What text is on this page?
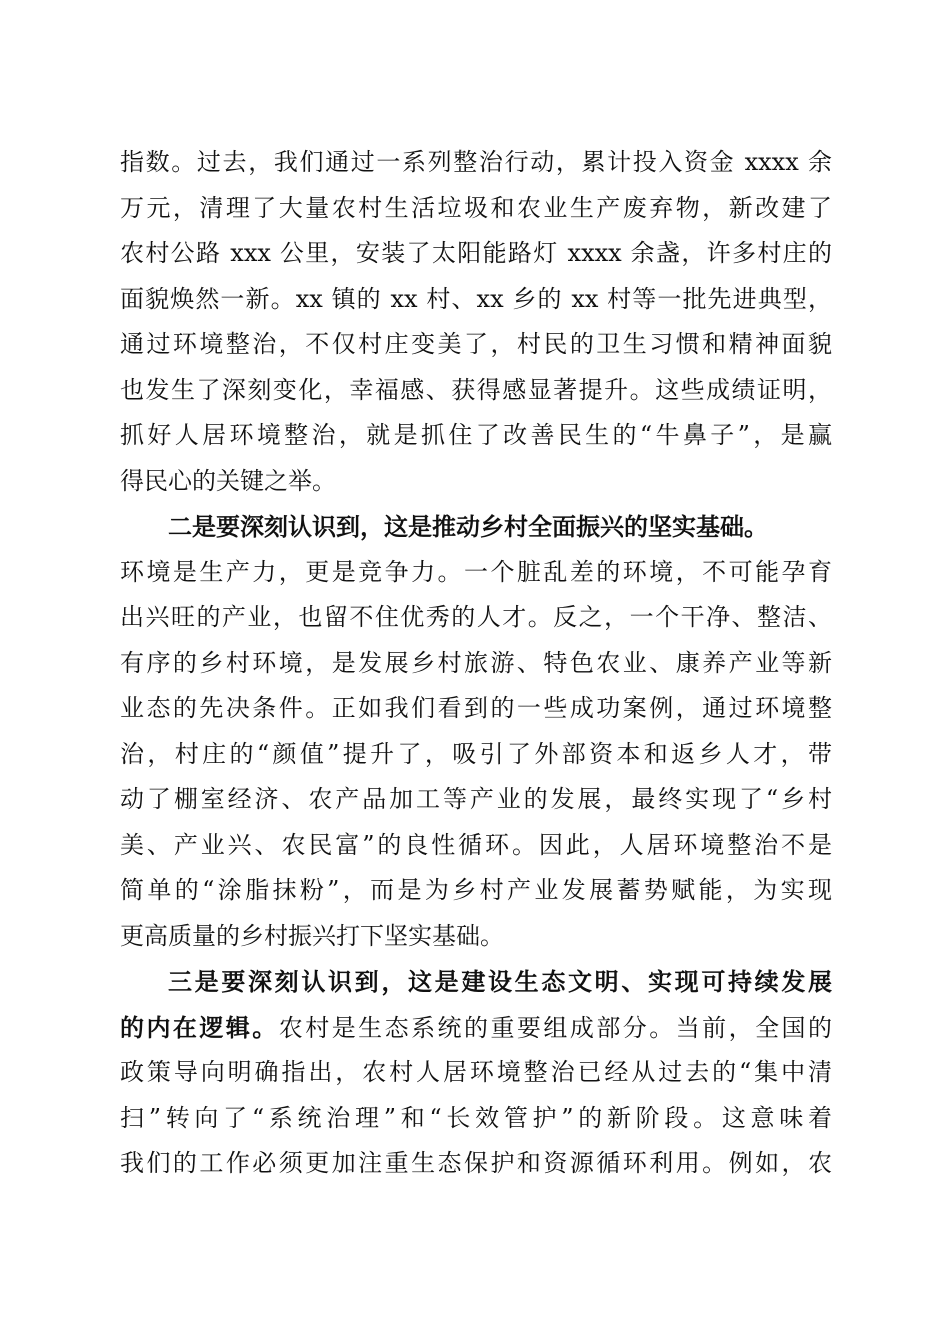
指数。过去，我们通过一系列整治行动，累计投入资金 xxxx 余
万元，清理了大量农村生活垃圾和农业生产废弃物，新改建了
农村公路 xxx 公里，安装了太阳能路灯 xxxx 余盏，许多村庄的
面貌焕然一新。xx 镇的 xx 村、xx 乡的 xx 村等一批先进典型，
通过环境整治，不仅村庄变美了，村民的卫生习惯和精神面貌
也发生了深刻变化，幸福感、获得感显著提升。这些成绩证明，
抓好人居环境整治，就是抓住了改善民生的“牛鼻子”，是赢
得民心的关键之举。
二是要深刻认识到，这是推动乡村全面振兴的坚实基础。
环境是生产力，更是竞争力。一个脏乱差的环境，不可能孕育
出兴旺的产业，也留不住优秀的人才。反之，一个干净、整洁、
有序的乡村环境，是发展乡村旅游、特色农业、康养产业等新
业态的先决条件。正如我们看到的一些成功案例，通过环境整
治，村庄的“颜值”提升了，吸引了外部资本和返乡人才，带
动了棚室经济、农产品加工等产业的发展，最终实现了“乡村
美、产业兴、农民富”的良性循环。因此，人居环境整治不是
简单的“涂脂抹粉”，而是为乡村产业发展蓄势赋能，为实现
更高质量的乡村振兴打下坚实基础。
三是要深刻认识到，这是建设生态文明、实现可持续发展
的内在逻辑。农村是生态系统的重要组成部分。当前，全国的
政策导向明确指出，农村人居环境整治已经从过去的“集中清
扫”转向了“系统治理”和“长效管护”的新阶段。这意味着
我们的工作必须更加注重生态保护和资源循环利用。例如，农
